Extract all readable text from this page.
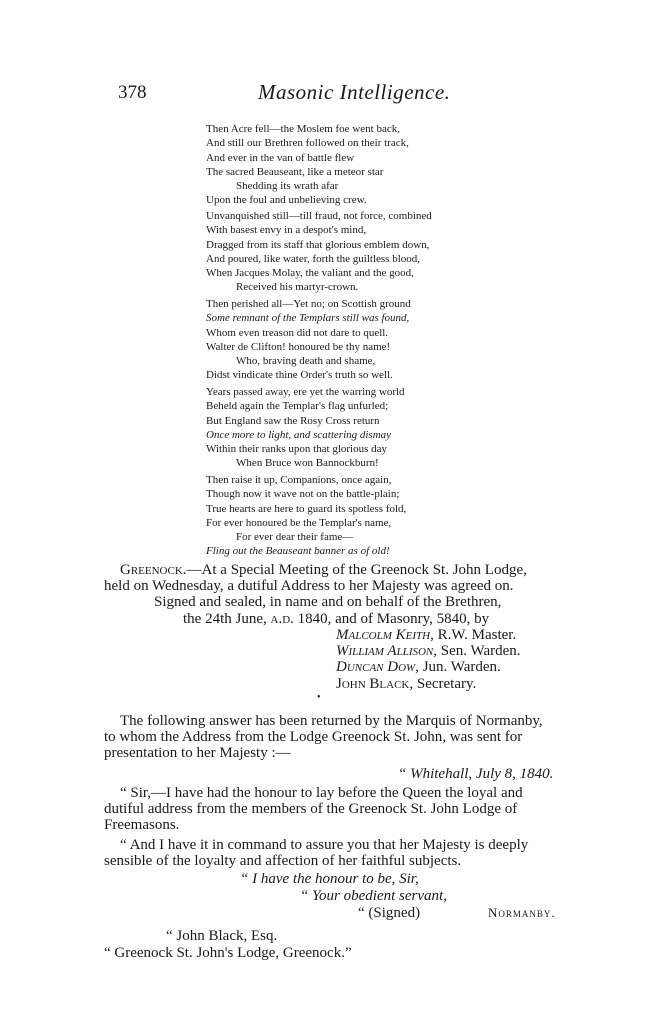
378	Masonic Intelligence.
Then Acre fell—the Moslem foe went back,
And still our Brethren followed on their track,
And ever in the van of battle flew
The sacred Beauseant, like a meteor star
Shedding its wrath afar
Upon the foul and unbelieving crew.
Unvanquished still—till fraud, not force, combined
With basest envy in a despot's mind,
Dragged from its staff that glorious emblem down,
And poured, like water, forth the guiltless blood,
When Jacques Molay, the valiant and the good,
Received his martyr-crown.
Then perished all—Yet no; on Scottish ground
Some remnant of the Templars still was found,
Whom even treason did not dare to quell.
Walter de Clifton! honoured be thy name!
Who, braving death and shame,
Didst vindicate thine Order's truth so well.
Years passed away, ere yet the warring world
Beheld again the Templar's flag unfurled;
But England saw the Rosy Cross return
Once more to light, and scattering dismay
Within their ranks upon that glorious day
When Bruce won Bannockburn!
Then raise it up, Companions, once again,
Though now it wave not on the battle-plain;
True hearts are here to guard its spotless fold,
For ever honoured be the Templar's name,
For ever dear their fame—
Fling out the Beauseant banner as of old!
Greenock.—At a Special Meeting of the Greenock St. John Lodge,
held on Wednesday, a dutiful Address to her Majesty was agreed on.
Signed and sealed, in name and on behalf of the Brethren,
the 24th June, a.d. 1840, and of Masonry, 5840, by
Malcolm Keith, R.W. Master.
William Allison, Sen. Warden.
Duncan Dow, Jun. Warden.
John Black, Secretary.
•
The following answer has been returned by the Marquis of Normanby,
to whom the Address from the Lodge Greenock St. John, was sent for
presentation to her Majesty :—
“ Whitehall, July 8, 1840.
“ Sir,—I have had the honour to lay before the Queen the loyal and
dutiful address from the members of the Greenock St. John Lodge of
Freemasons.
“ And I have it in command to assure you that her Majesty is deeply
sensible of the loyalty and affection of her faithful subjects.
“ I have the honour to be, Sir,
“ Your obedient servant,
“ (Signed)	Normanby.
“ John Black, Esq.
“ Greenock St. John's Lodge, Greenock.”
